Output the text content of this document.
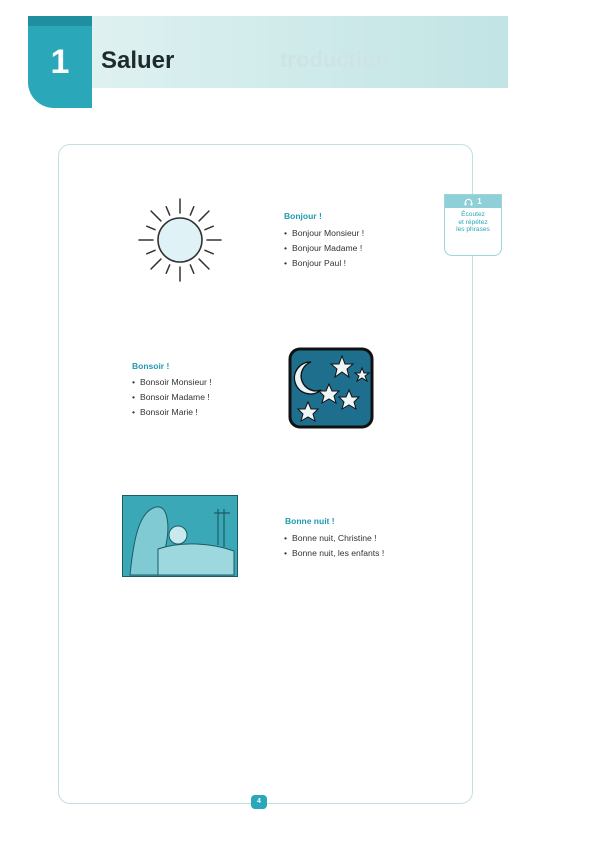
troduction
1 Saluer
1
Écoutez
et répétez
les phrases
Bonjour !
• Bonjour Monsieur !
• Bonjour Madame !
• Bonjour Paul !
Bonsoir !
• Bonsoir Monsieur !
• Bonsoir Madame !
• Bonsoir Marie !
Bonne nuit !
• Bonne nuit, Christine !
• Bonne nuit, les enfants !
4
